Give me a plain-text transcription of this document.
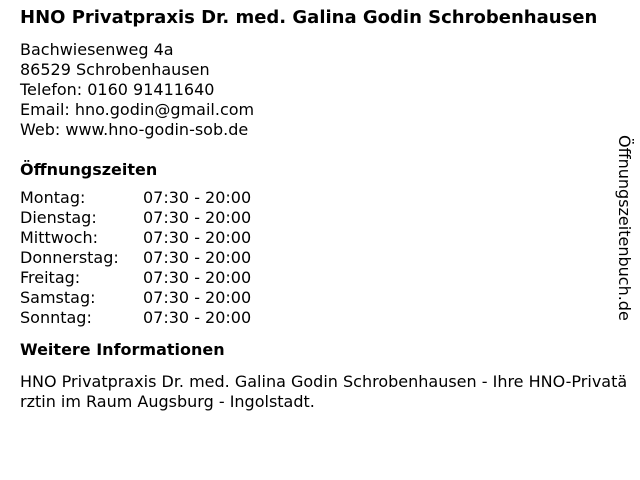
HNO Privatpraxis Dr. med. Galina Godin Schrobenhausen
Bachwiesenweg 4a
86529 Schrobenhausen
Telefon: 0160 91411640
Email: hno.godin@gmail.com
Web: www.hno-godin-sob.de
Öffnungszeiten
Montag:	07:30 - 20:00
Dienstag:	07:30 - 20:00
Mittwoch:	07:30 - 20:00
Donnerstag:	07:30 - 20:00
Freitag:	07:30 - 20:00
Samstag:	07:30 - 20:00
Sonntag:	07:30 - 20:00
Weitere Informationen
HNO Privatpraxis Dr. med. Galina Godin Schrobenhausen - Ihre HNO-Privatärztin im Raum Augsburg - Ingolstadt.
Öffnungszeitenbuch.de
